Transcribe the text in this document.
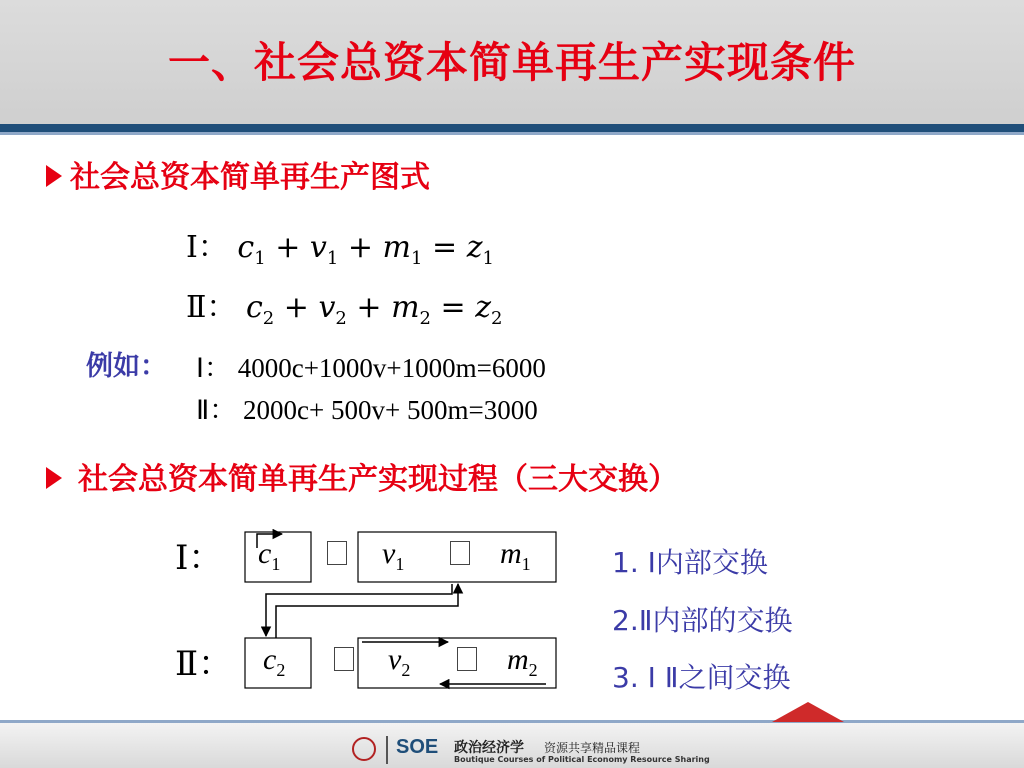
一、社会总资本简单再生产实现条件
社会总资本简单再生产图式
Ⅰ： $c_1 + v_1 + m_1 = z_1$
Ⅱ： $c_2 + v_2 + m_2 = z_2$
例如： Ⅰ： 4000c+1000v+1000m=6000
Ⅱ： 2000c+ 500v+ 500m=3000
社会总资本简单再生产实现过程（三大交换）
Ⅰ： $c_1$	$v_1$	$m_1$
Ⅱ： $c_2$	$v_2$	$m_2$
1. Ⅰ内部交换
2.Ⅱ内部的交换
3. Ⅰ Ⅱ之间交换
SOE 政治经济学 资源共享精品课程
Boutique Courses of Political Economy Resource Sharing
